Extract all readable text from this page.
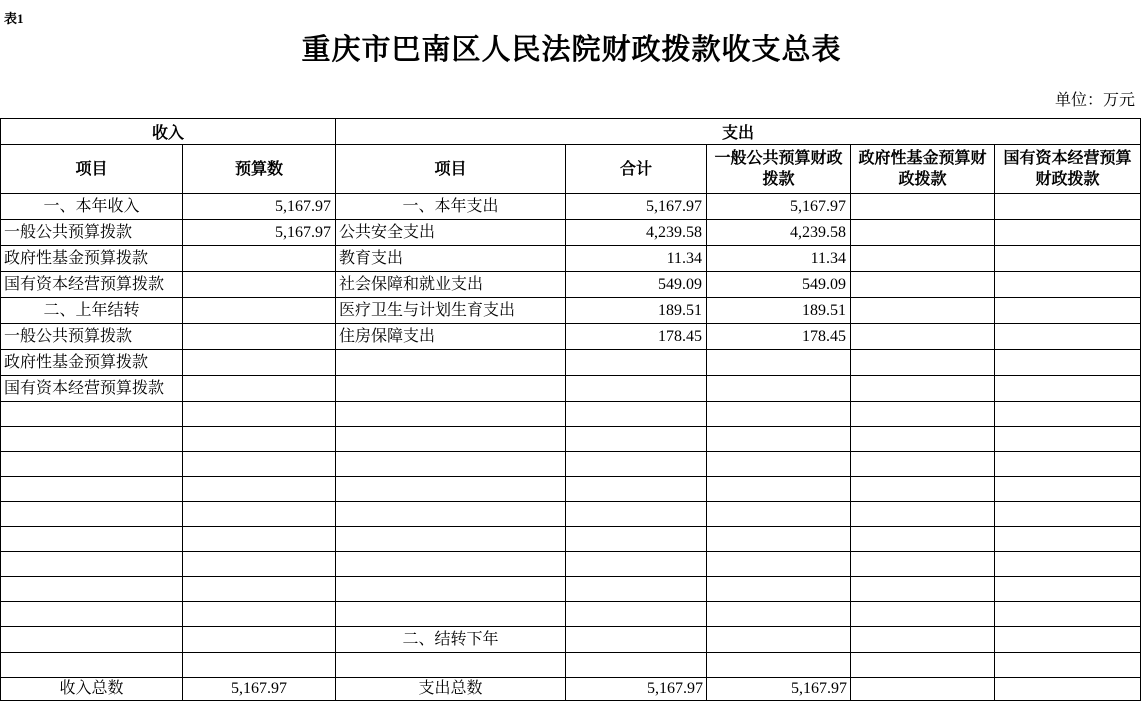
表1
重庆市巴南区人民法院财政拨款收支总表
单位：万元
收入		支出				
项目	预算数	项目	合计	一般公共预算财政拨款	政府性基金预算财政拨款	国有资本经营预算财政拨款
一、本年收入	5,167.97	一、本年支出	5,167.97	5,167.97		
一般公共预算拨款	5,167.97	公共安全支出	4,239.58	4,239.58		
政府性基金预算拨款		教育支出	11.34	11.34		
国有资本经营预算拨款		社会保障和就业支出	549.09	549.09		
二、上年结转		医疗卫生与计划生育支出	189.51	189.51		
一般公共预算拨款		住房保障支出	178.45	178.45		
政府性基金预算拨款						
国有资本经营预算拨款						

		二、结转下年				

收入总数	5,167.97	支出总数	5,167.97	5,167.97		
